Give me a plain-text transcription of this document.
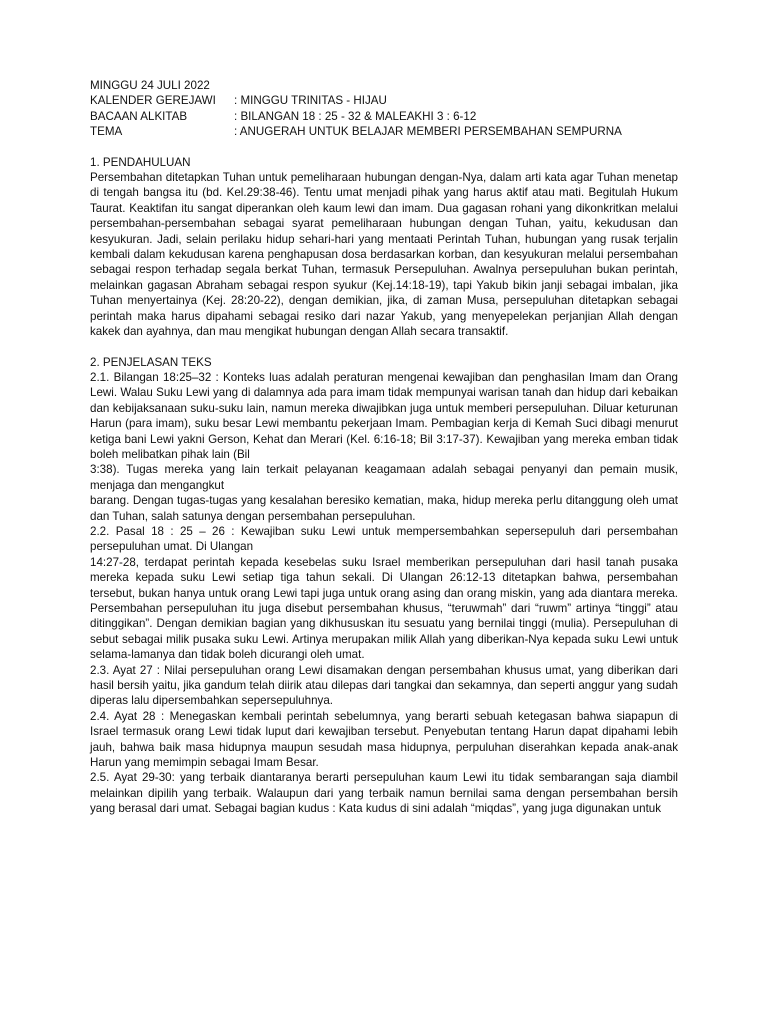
MINGGU 24 JULI 2022
KALENDER GEREJAWI	: MINGGU TRINITAS - HIJAU
BACAAN ALKITAB	: BILANGAN 18 : 25 - 32 & MALEAKHI 3 : 6-12
TEMA	: ANUGERAH UNTUK BELAJAR MEMBERI PERSEMBAHAN SEMPURNA
1. PENDAHULUAN

Persembahan ditetapkan Tuhan untuk pemeliharaan hubungan dengan-Nya, dalam arti kata agar Tuhan menetap di tengah bangsa itu (bd. Kel.29:38-46). Tentu umat menjadi pihak yang harus aktif atau mati. Begitulah Hukum Taurat. Keaktifan itu sangat diperankan oleh kaum lewi dan imam. Dua gagasan rohani yang dikonkritkan melalui persembahan-persembahan sebagai syarat pemeliharaan hubungan dengan Tuhan, yaitu, kekudusan dan kesyukuran. Jadi, selain perilaku hidup sehari-hari yang mentaati Perintah Tuhan, hubungan yang rusak terjalin kembali dalam kekudusan karena penghapusan dosa berdasarkan korban, dan kesyukuran melalui persembahan sebagai respon terhadap segala berkat Tuhan, termasuk Persepuluhan. Awalnya persepuluhan bukan perintah, melainkan gagasan Abraham sebagai respon syukur (Kej.14:18-19), tapi Yakub bikin janji sebagai imbalan, jika Tuhan menyertainya (Kej. 28:20-22), dengan demikian, jika, di zaman Musa, persepuluhan ditetapkan sebagai perintah maka harus dipahami sebagai resiko dari nazar Yakub, yang menyepelekan perjanjian Allah dengan kakek dan ayahnya, dan mau mengikat hubungan dengan Allah secara transaktif.

2. PENJELASAN TEKS

2.1. Bilangan 18:25–32 : Konteks luas adalah peraturan mengenai kewajiban dan penghasilan Imam dan Orang Lewi. Walau Suku Lewi yang di dalamnya ada para imam tidak mempunyai warisan tanah dan hidup dari kebaikan dan kebijaksanaan suku-suku lain, namun mereka diwajibkan juga untuk memberi persepuluhan. Diluar keturunan Harun (para imam), suku besar Lewi membantu pekerjaan Imam. Pembagian kerja di Kemah Suci dibagi menurut ketiga bani Lewi yakni Gerson, Kehat dan Merari (Kel. 6:16-18; Bil 3:17-37). Kewajiban yang mereka emban tidak boleh melibatkan pihak lain (Bil

3:38). Tugas mereka yang lain terkait pelayanan keagamaan adalah sebagai penyanyi dan pemain musik, menjaga dan mengangkut

barang. Dengan tugas-tugas yang kesalahan beresiko kematian, maka, hidup mereka perlu ditanggung oleh umat dan Tuhan, salah satunya dengan persembahan persepuluhan.

2.2. Pasal 18 : 25 – 26 : Kewajiban suku Lewi untuk mempersembahkan sepersepuluh dari persembahan persepuluhan umat. Di Ulangan

14:27-28, terdapat perintah kepada kesebelas suku Israel memberikan persepuluhan dari hasil tanah pusaka mereka kepada suku Lewi setiap tiga tahun sekali. Di Ulangan 26:12-13 ditetapkan bahwa, persembahan tersebut, bukan hanya untuk orang Lewi tapi juga untuk orang asing dan orang miskin, yang ada diantara mereka. Persembahan persepuluhan itu juga disebut persembahan khusus, “teruwmah” dari “ruwm” artinya “tinggi” atau ditinggikan”. Dengan demikian bagian yang dikhususkan itu sesuatu yang bernilai tinggi (mulia). Persepuluhan di sebut sebagai milik pusaka suku Lewi. Artinya merupakan milik Allah yang diberikan-Nya kepada suku Lewi untuk selama-lamanya dan tidak boleh dicurangi oleh umat.

2.3. Ayat 27 : Nilai persepuluhan orang Lewi disamakan dengan persembahan khusus umat, yang diberikan dari hasil bersih yaitu, jika gandum telah diirik atau dilepas dari tangkai dan sekamnya, dan seperti anggur yang sudah diperas lalu dipersembahkan sepersepuluhnya.

2.4. Ayat 28 : Menegaskan kembali perintah sebelumnya, yang berarti sebuah ketegasan bahwa siapapun di Israel termasuk orang Lewi tidak luput dari kewajiban tersebut. Penyebutan tentang Harun dapat dipahami lebih jauh, bahwa baik masa hidupnya maupun sesudah masa hidupnya, perpuluhan diserahkan kepada anak-anak Harun yang memimpin sebagai Imam Besar.

2.5. Ayat 29-30: yang terbaik diantaranya berarti persepuluhan kaum Lewi itu tidak sembarangan saja diambil melainkan dipilih yang terbaik. Walaupun dari yang terbaik namun bernilai sama dengan persembahan bersih yang berasal dari umat. Sebagai bagian kudus : Kata kudus di sini adalah “miqdas”, yang juga digunakan untuk
